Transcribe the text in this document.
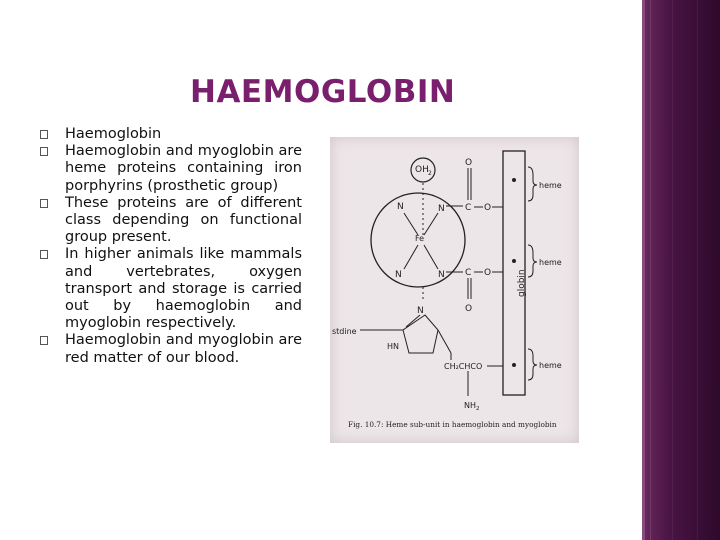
HAEMOGLOBIN
Haemoglobin
Haemoglobin and myoglobin are heme proteins containing iron porphyrins (prosthetic group)
These proteins are of different class depending on functional group present.
In higher animals like mammals and vertebrates, oxygen transport and storage is carried out by haemoglobin and myoglobin respectively.
Haemoglobin and myoglobin are red matter of our blood.
OH 2
N	N
N	N
Fe
O
C O
C O
O
globin
heme
heme
heme
N
stdine
HN
CH₂CHCO
NH 2
Fig. 10.7: Heme sub-unit in haemoglobin and myoglobin
